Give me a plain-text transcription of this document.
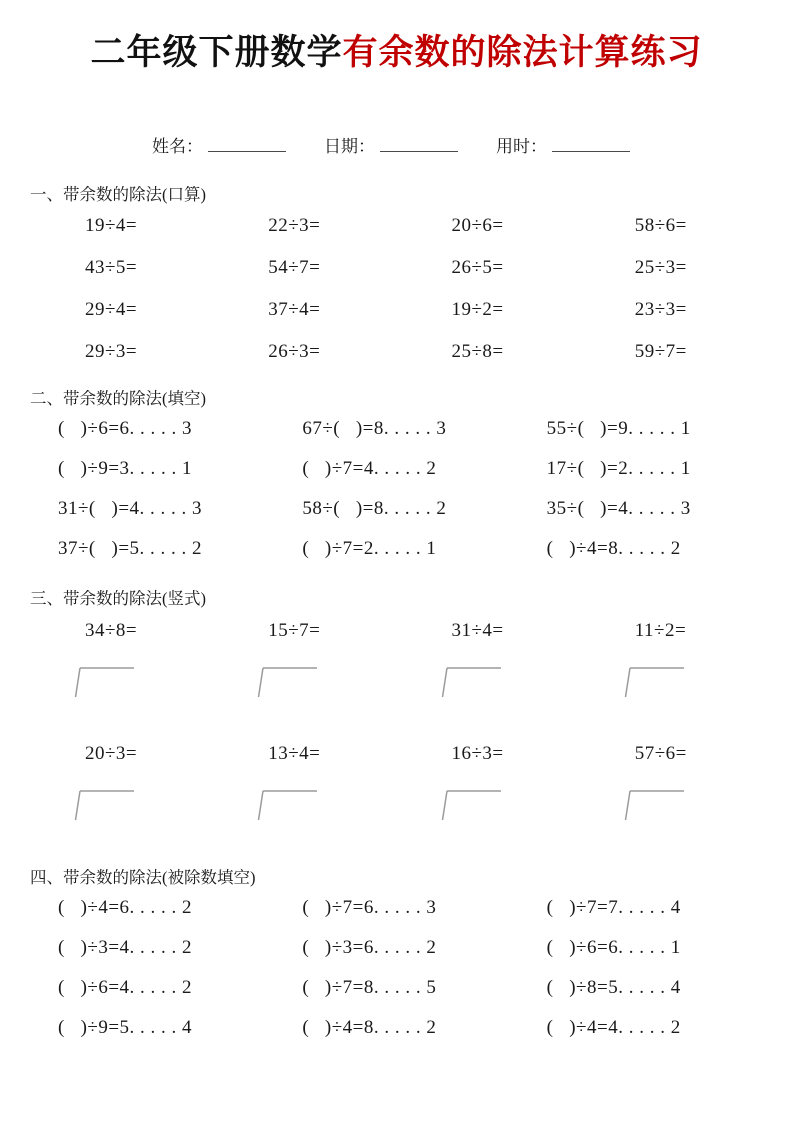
二年级下册数学有余数的除法计算练习
姓名：	日期：	用时：
一、带余数的除法(口算)
19÷4=	22÷3=	20÷6=	58÷6=
43÷5=	54÷7=	26÷5=	25÷3=
29÷4=	37÷4=	19÷2=	23÷3=
29÷3=	26÷3=	25÷8=	59÷7=
二、带余数的除法(填空)
(   )÷6=6. . . . . 3	67÷(   )=8. . . . . 3	55÷(   )=9. . . . . 1
(   )÷9=3. . . . . 1	(   )÷7=4. . . . . 2	17÷(   )=2. . . . . 1
31÷(   )=4. . . . . 3	58÷(   )=8. . . . . 2	35÷(   )=4. . . . . 3
37÷(   )=5. . . . . 2	(   )÷7=2. . . . . 1	(   )÷4=8. . . . . 2
三、带余数的除法(竖式)
34÷8=	15÷7=	31÷4=	11÷2=
20÷3=	13÷4=	16÷3=	57÷6=
四、带余数的除法(被除数填空)
(   )÷4=6. . . . . 2	(   )÷7=6. . . . . 3	(   )÷7=7. . . . . 4
(   )÷3=4. . . . . 2	(   )÷3=6. . . . . 2	(   )÷6=6. . . . . 1
(   )÷6=4. . . . . 2	(   )÷7=8. . . . . 5	(   )÷8=5. . . . . 4
(   )÷9=5. . . . . 4	(   )÷4=8. . . . . 2	(   )÷4=4. . . . . 2
